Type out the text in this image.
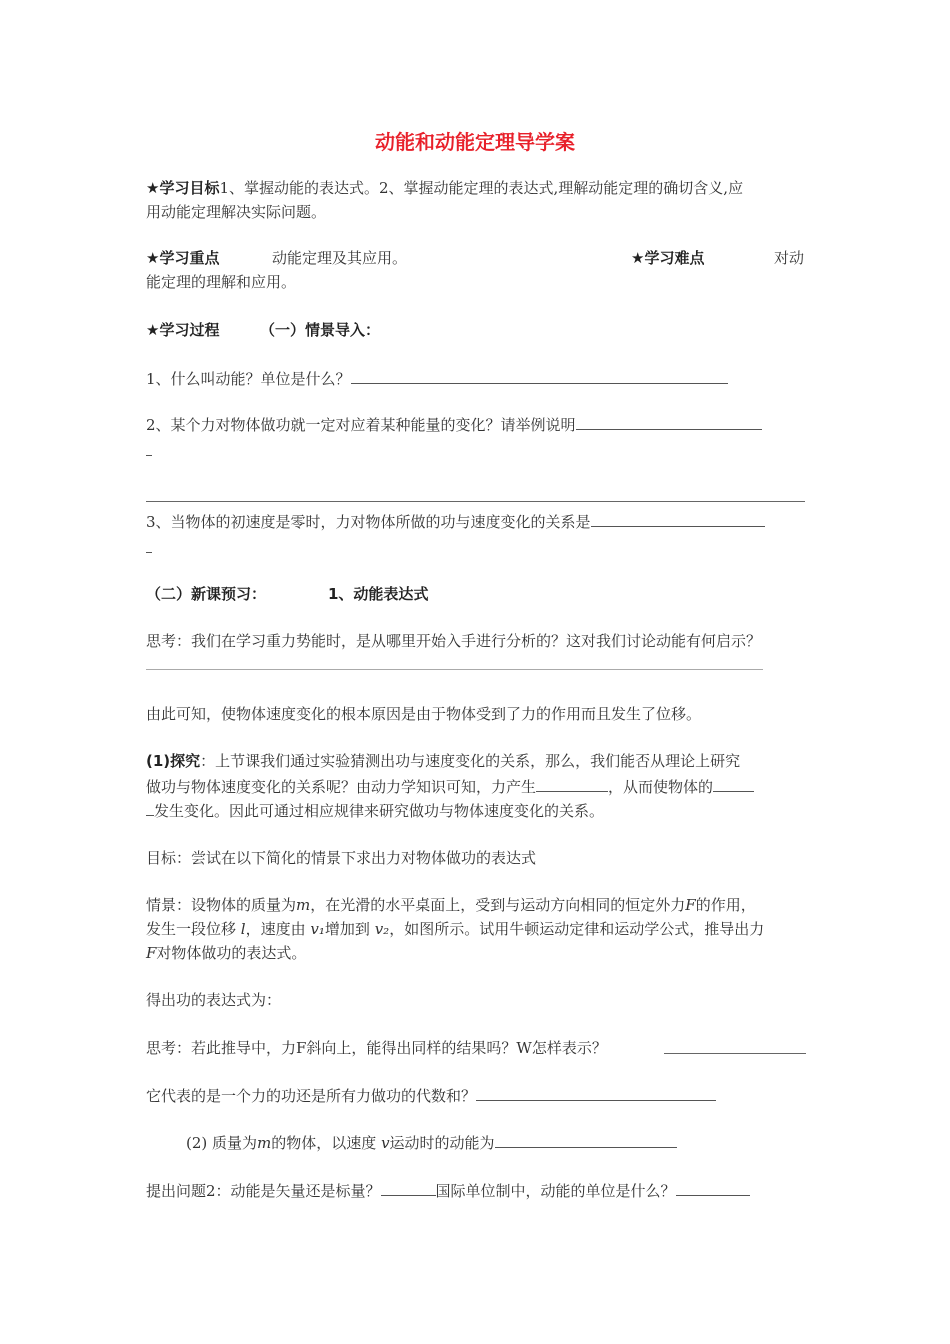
动能和动能定理导学案
★学习目标1、掌握动能的表达式。2、掌握动能定理的表达式,理解动能定理的确切含义,应
用动能定理解决实际问题。
★学习重点	动能定理及其应用。	★学习难点	对动
能定理的理解和应用。
★学习过程	（一）情景导入：
1、什么叫动能？单位是什么？
2、某个力对物体做功就一定对应着某种能量的变化？请举例说明
3、当物体的初速度是零时，力对物体所做的功与速度变化的关系是
（二）新课预习：	1、动能表达式
思考：我们在学习重力势能时，是从哪里开始入手进行分析的？这对我们讨论动能有何启示？
由此可知，使物体速度变化的根本原因是由于物体受到了力的作用而且发生了位移。
(1)探究：上节课我们通过实验猜测出功与速度变化的关系，那么，我们能否从理论上研究
做功与物体速度变化的关系呢？由动力学知识可知，力产生	，从而使物体的
发生变化。因此可通过相应规律来研究做功与物体速度变化的关系。
目标：尝试在以下简化的情景下求出力对物体做功的表达式
情景：设物体的质量为m，在光滑的水平桌面上，受到与运动方向相同的恒定外力F的作用，
发生一段位移 l，速度由 v₁增加到 v₂，如图所示。试用牛顿运动定律和运动学公式，推导出力
F对物体做功的表达式。
得出功的表达式为：
思考：若此推导中，力F斜向上，能得出同样的结果吗？W怎样表示？
它代表的是一个力的功还是所有力做功的代数和？
(2) 质量为m的物体，以速度 v运动时的动能为
提出问题2：动能是矢量还是标量？	国际单位制中，动能的单位是什么？
